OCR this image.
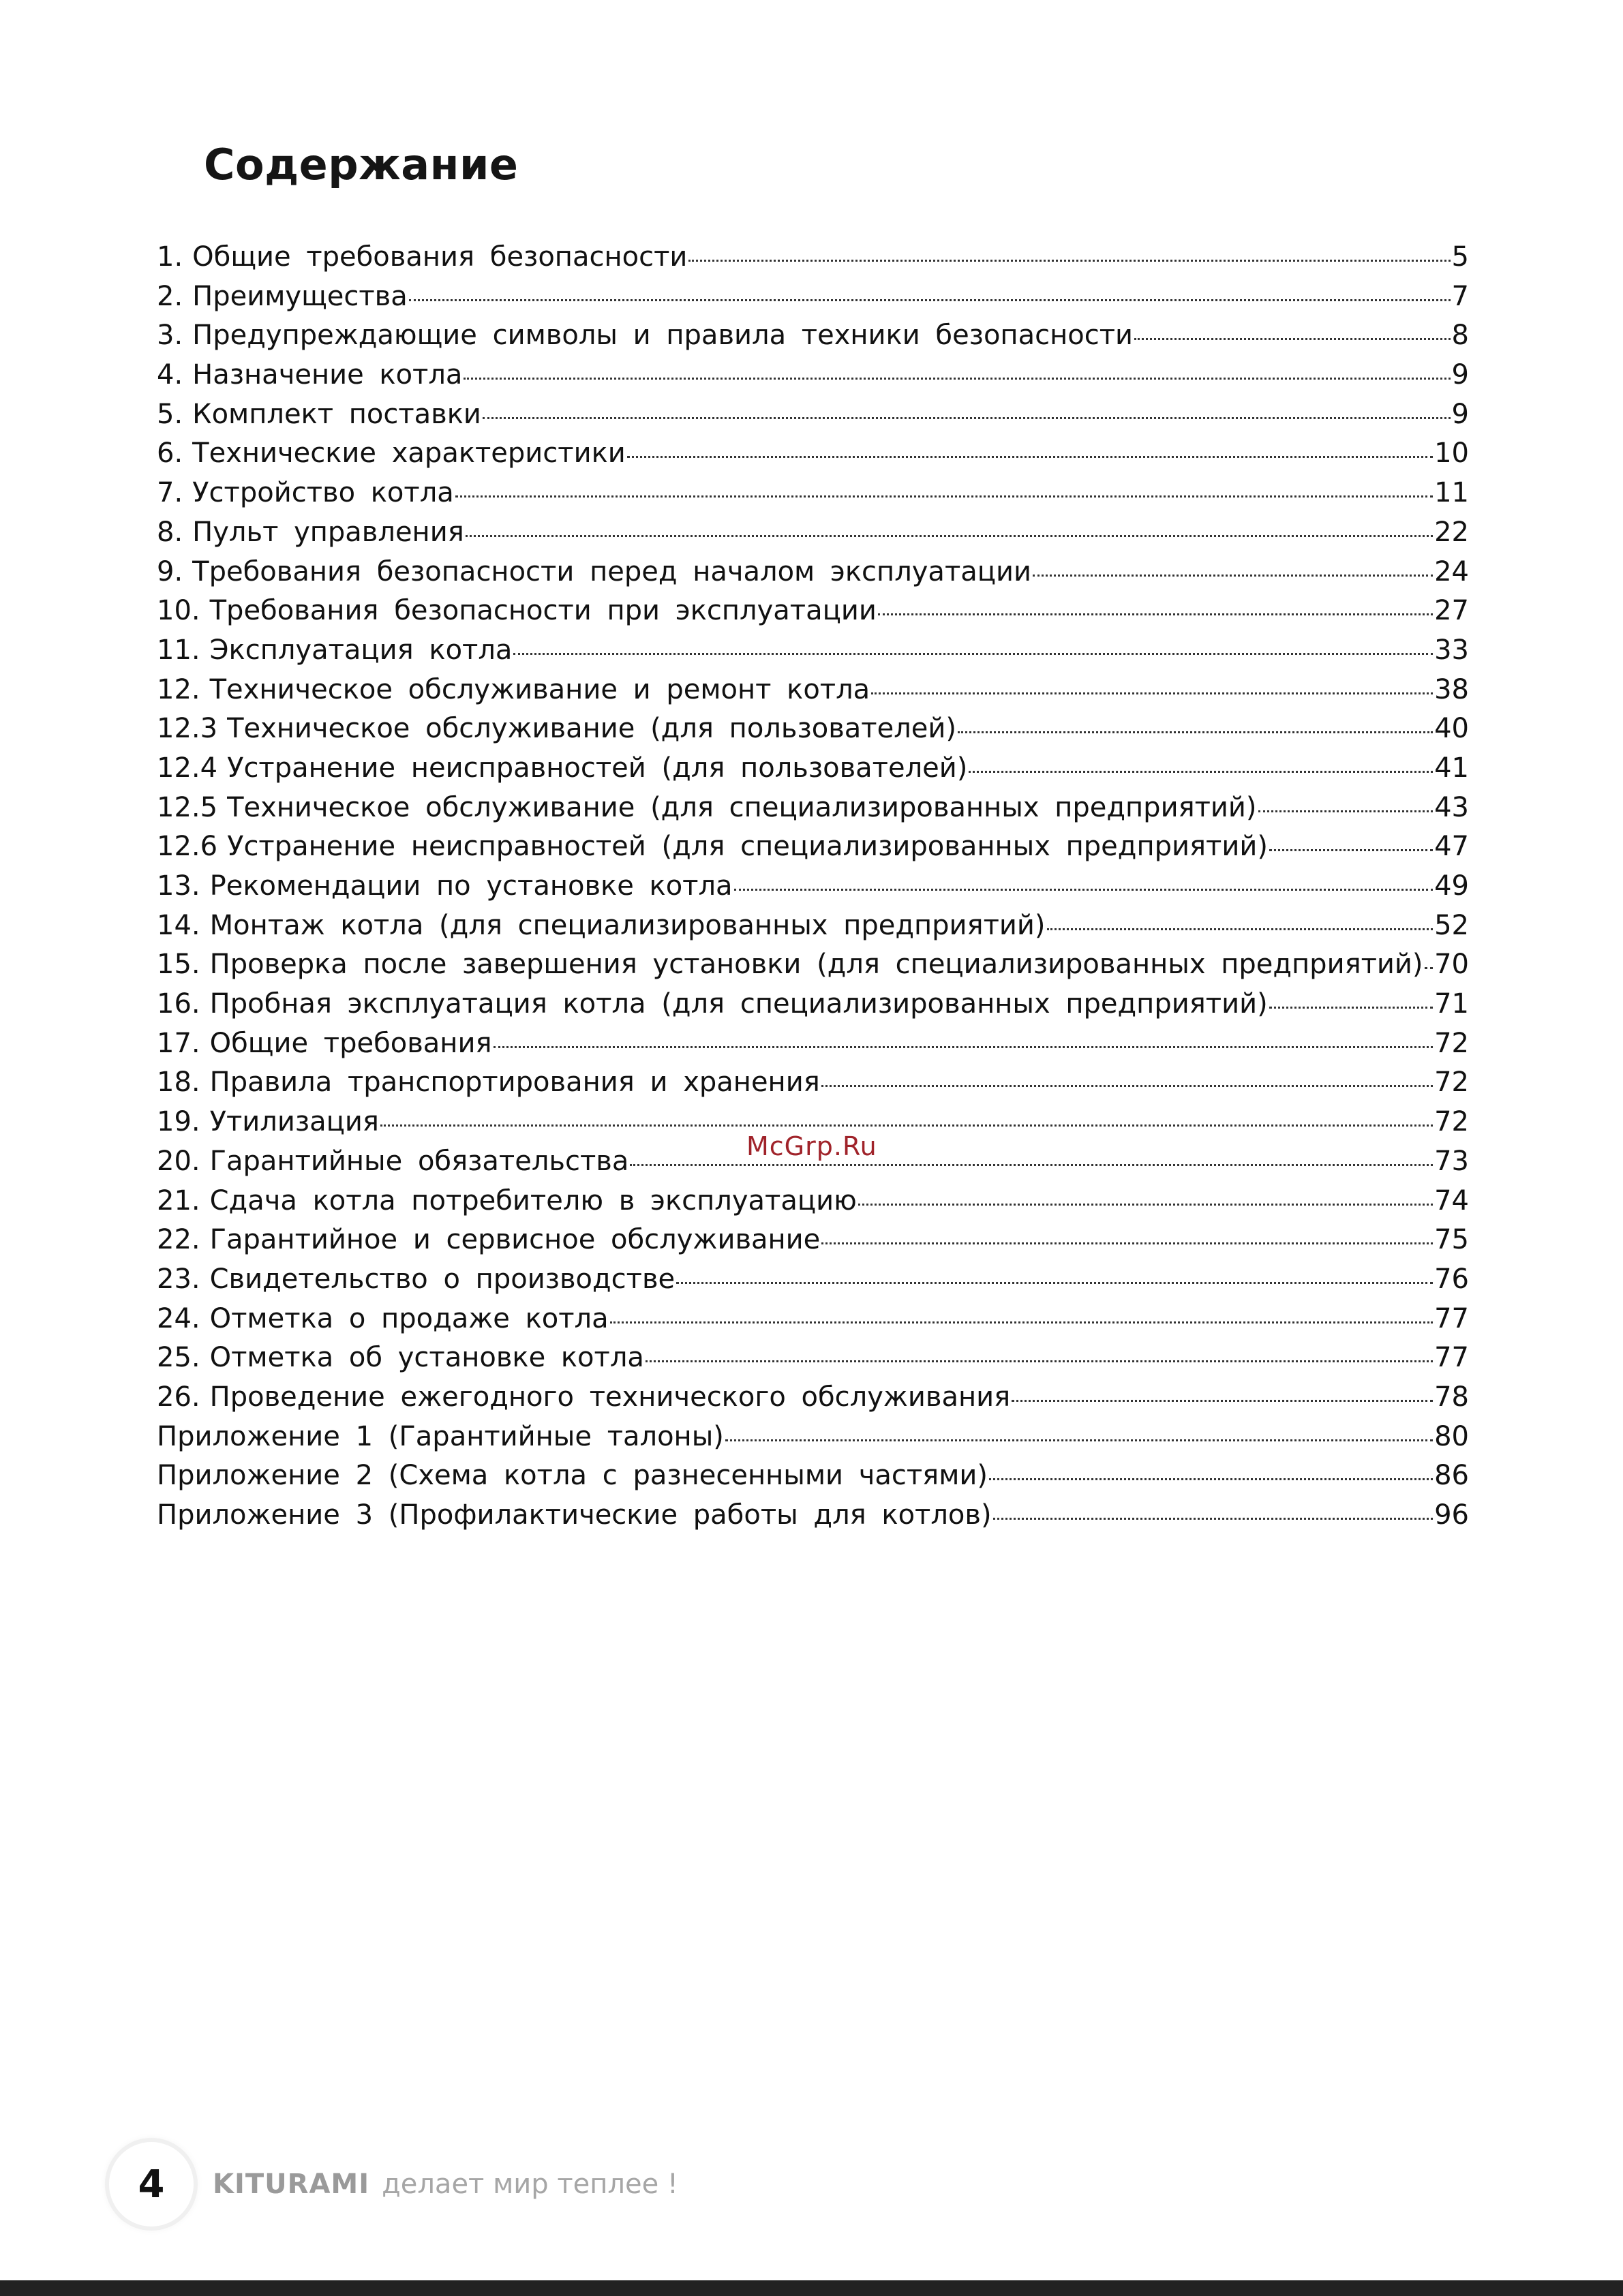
Содержание
1. Общие требования безопасности	5
2. Преимущества	7
3. Предупреждающие символы и правила техники безопасности	8
4. Назначение котла	9
5. Комплект поставки	9
6. Технические характеристики	10
7. Устройство котла	11
8. Пульт управления	22
9. Требования безопасности перед началом эксплуатации	24
10. Требования безопасности при эксплуатации	27
11. Эксплуатация котла	33
12. Техническое обслуживание и ремонт котла	38
12.3 Техническое обслуживание (для пользователей)	40
12.4 Устранение неисправностей (для пользователей)	41
12.5 Техническое обслуживание (для специализированных предприятий)	43
12.6 Устранение неисправностей (для специализированных предприятий)	47
13. Рекомендации по установке котла	49
14. Монтаж котла (для специализированных предприятий)	52
15. Проверка после завершения установки (для специализированных предприятий) 70
16. Пробная эксплуатация котла (для специализированных предприятий)	71
17. Общие требования	72
18. Правила транспортирования и хранения	72
19. Утилизация	72
20. Гарантийные обязательства	73
21. Сдача котла потребителю в эксплуатацию	74
22. Гарантийное и сервисное обслуживание	75
23. Свидетельство о производстве	76
24. Отметка о продаже котла	77
25. Отметка об установке котла	77
26. Проведение ежегодного технического обслуживания	78
Приложение 1 (Гарантийные талоны)	80
Приложение 2 (Схема котла с разнесенными частями)	86
Приложение 3 (Профилактические работы для котлов)	96
McGrp.Ru
4	KITURAMI делает мир теплее !
